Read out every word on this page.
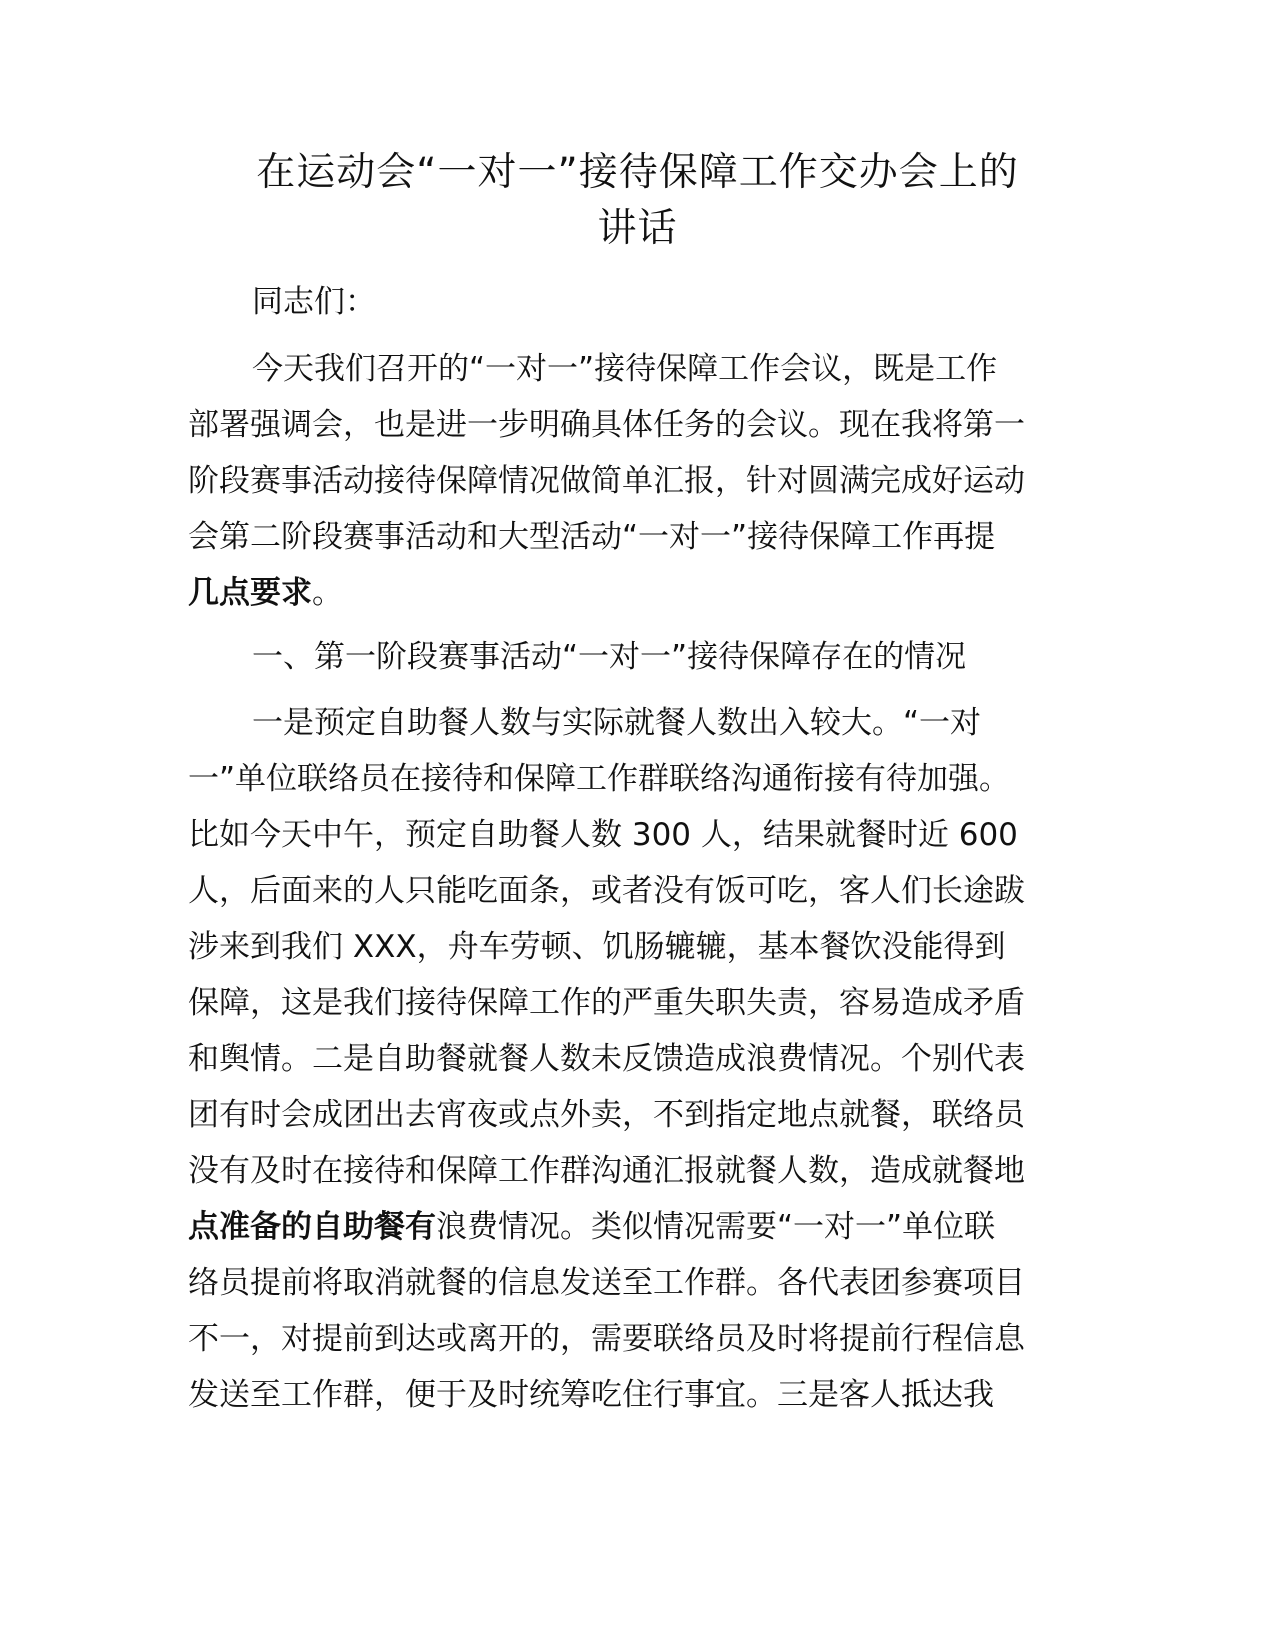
在运动会“一对一”接待保障工作交办会上的
讲话

同志们：

今天我们召开的“一对一”接待保障工作会议，既是工作

部署强调会，也是进一步明确具体任务的会议。现在我将第一

阶段赛事活动接待保障情况做简单汇报，针对圆满完成好运动

会第二阶段赛事活动和大型活动“一对一”接待保障工作再提

几点要求。

一、第一阶段赛事活动“一对一”接待保障存在的情况

一是预定自助餐人数与实际就餐人数出入较大。“一对

一”单位联络员在接待和保障工作群联络沟通衔接有待加强。

比如今天中午，预定自助餐人数 300 人，结果就餐时近 600

人，后面来的人只能吃面条，或者没有饭可吃，客人们长途跋

涉来到我们 XXX，舟车劳顿、饥肠辘辘，基本餐饮没能得到

保障，这是我们接待保障工作的严重失职失责，容易造成矛盾

和舆情。二是自助餐就餐人数未反馈造成浪费情况。个别代表

团有时会成团出去宵夜或点外卖，不到指定地点就餐，联络员

没有及时在接待和保障工作群沟通汇报就餐人数，造成就餐地

点准备的自助餐有浪费情况。类似情况需要“一对一”单位联

络员提前将取消就餐的信息发送至工作群。各代表团参赛项目

不一，对提前到达或离开的，需要联络员及时将提前行程信息

发送至工作群，便于及时统筹吃住行事宜。三是客人抵达我
